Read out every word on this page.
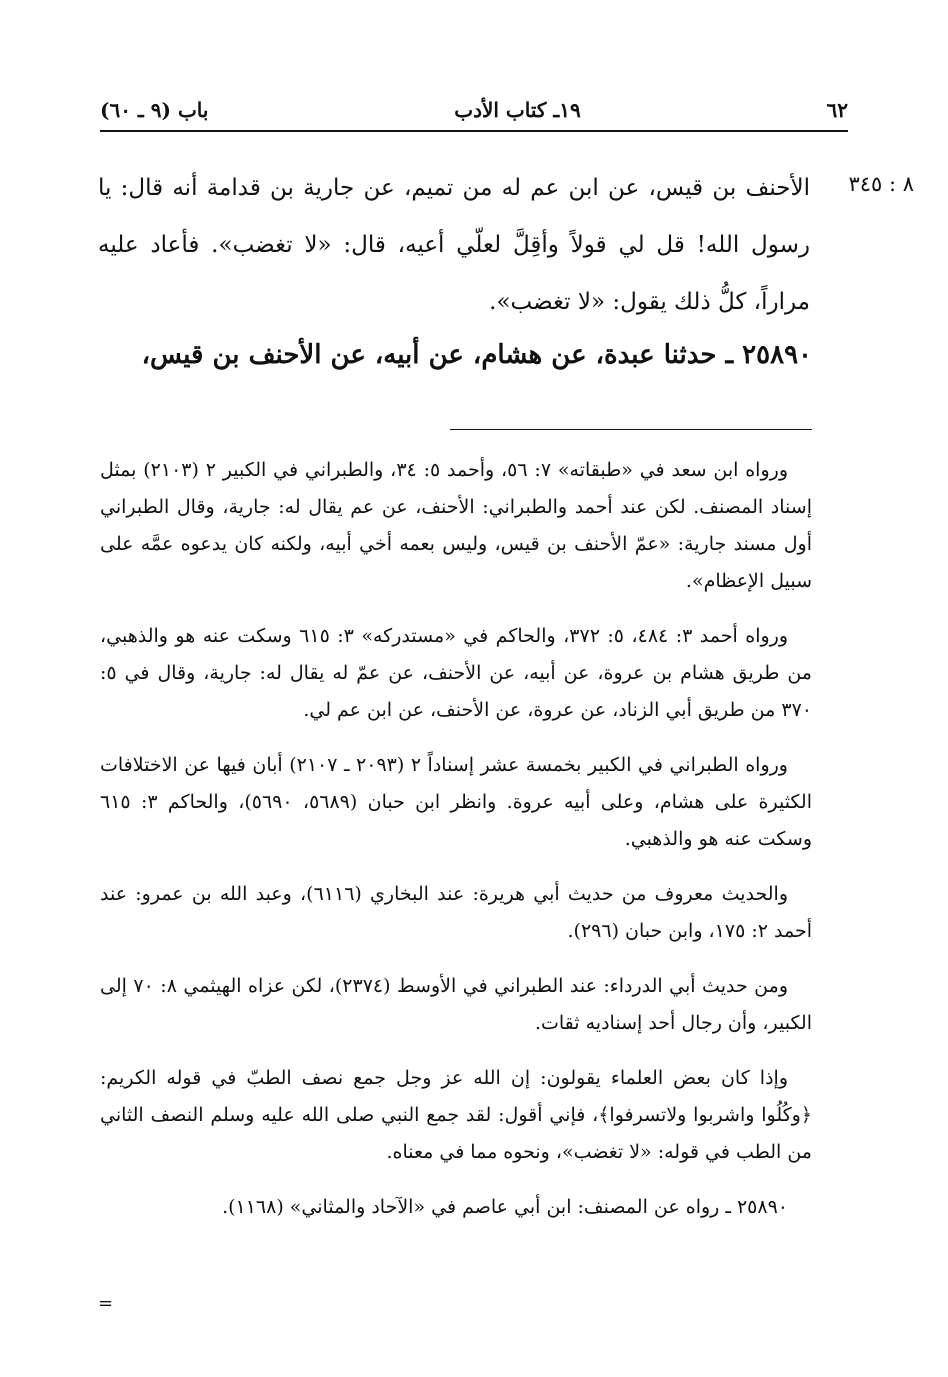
٦٢
١٩ـ كتاب الأدب
باب (٩ ـ ٦٠)
٨ : ٣٤٥

الأحنف بن قيس، عن ابن عم له من تميم، عن جارية بن قدامة أنه قال: يا رسول الله! قل لي قولاً وأقِلَّ لعلّي أعيه، قال: «لا تغضب». فأعاد عليه مراراً، كلُّ ذلك يقول: «لا تغضب».

٢٥٨٩٠ ـ حدثنا عبدة، عن هشام، عن أبيه، عن الأحنف بن قيس،

ورواه ابن سعد في «طبقاته» ٧: ٥٦، وأحمد ٥: ٣٤، والطبراني في الكبير ٢ (٢١٠٣) بمثل إسناد المصنف. لكن عند أحمد والطبراني: الأحنف، عن عم يقال له: جارية، وقال الطبراني أول مسند جارية: «عمّ الأحنف بن قيس، وليس بعمه أخي أبيه، ولكنه كان يدعوه عمَّه على سبيل الإعظام».

ورواه أحمد ٣: ٤٨٤، ٥: ٣٧٢، والحاكم في «مستدركه» ٣: ٦١٥ وسكت عنه هو والذهبي، من طريق هشام بن عروة، عن أبيه، عن الأحنف، عن عمّ له يقال له: جارية، وقال في ٥: ٣٧٠ من طريق أبي الزناد، عن عروة، عن الأحنف، عن ابن عم لي.

ورواه الطبراني في الكبير بخمسة عشر إسناداً ٢ (٢٠٩٣ ـ ٢١٠٧) أبان فيها عن الاختلافات الكثيرة على هشام، وعلى أبيه عروة. وانظر ابن حبان (٥٦٨٩، ٥٦٩٠)، والحاكم ٣: ٦١٥ وسكت عنه هو والذهبي.

والحديث معروف من حديث أبي هريرة: عند البخاري (٦١١٦)، وعبد الله بن عمرو: عند أحمد ٢: ١٧٥، وابن حبان (٢٩٦).

ومن حديث أبي الدرداء: عند الطبراني في الأوسط (٢٣٧٤)، لكن عزاه الهيثمي ٨: ٧٠ إلى الكبير، وأن رجال أحد إسناديه ثقات.

وإذا كان بعض العلماء يقولون: إن الله عز وجل جمع نصف الطبّ في قوله الكريم: ﴿وكُلُوا واشربوا ولاتسرفوا﴾، فإني أقول: لقد جمع النبي صلى الله عليه وسلم النصف الثاني من الطب في قوله: «لا تغضب»، ونحوه مما في معناه.

٢٥٨٩٠ ـ رواه عن المصنف: ابن أبي عاصم في «الآحاد والمثاني» (١١٦٨).

=
